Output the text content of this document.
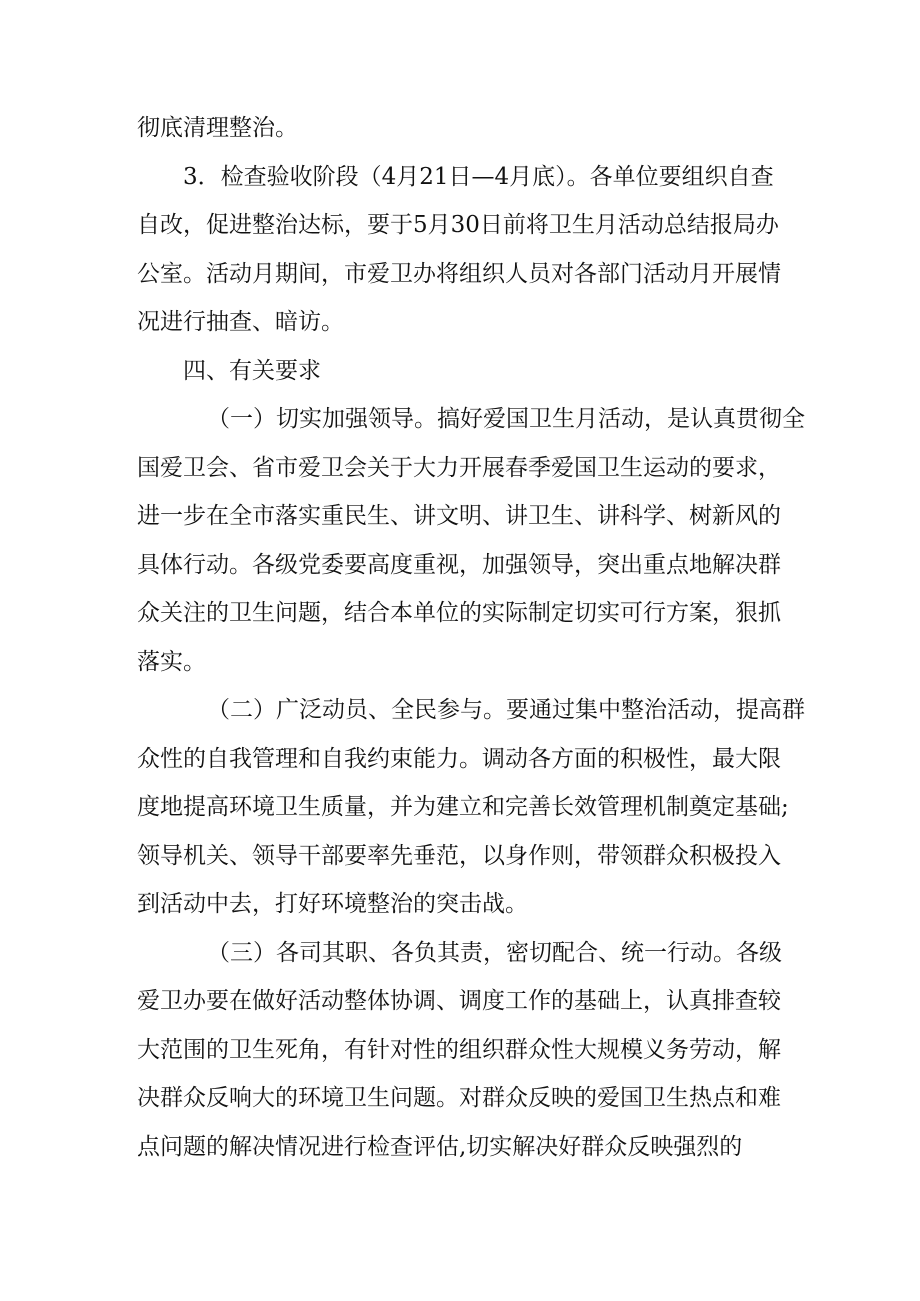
彻底清理整治。
3．检查验收阶段（4月21日—4月底）。各单位要组织自查
自改，促进整治达标，要于5月30日前将卫生月活动总结报局办
公室。活动月期间，市爱卫办将组织人员对各部门活动月开展情
况进行抽查、暗访。
四、有关要求
（一）切实加强领导。搞好爱国卫生月活动，是认真贯彻全
国爱卫会、省市爱卫会关于大力开展春季爱国卫生运动的要求，
进一步在全市落实重民生、讲文明、讲卫生、讲科学、树新风的
具体行动。各级党委要高度重视，加强领导，突出重点地解决群
众关注的卫生问题，结合本单位的实际制定切实可行方案，狠抓
落实。
（二）广泛动员、全民参与。要通过集中整治活动，提高群
众性的自我管理和自我约束能力。调动各方面的积极性，最大限
度地提高环境卫生质量，并为建立和完善长效管理机制奠定基础;
领导机关、领导干部要率先垂范，以身作则，带领群众积极投入
到活动中去，打好环境整治的突击战。
（三）各司其职、各负其责，密切配合、统一行动。各级
爱卫办要在做好活动整体协调、调度工作的基础上，认真排查较
大范围的卫生死角，有针对性的组织群众性大规模义务劳动，解
决群众反响大的环境卫生问题。对群众反映的爱国卫生热点和难
点问题的解决情况进行检查评估,切实解决好群众反映强烈的
